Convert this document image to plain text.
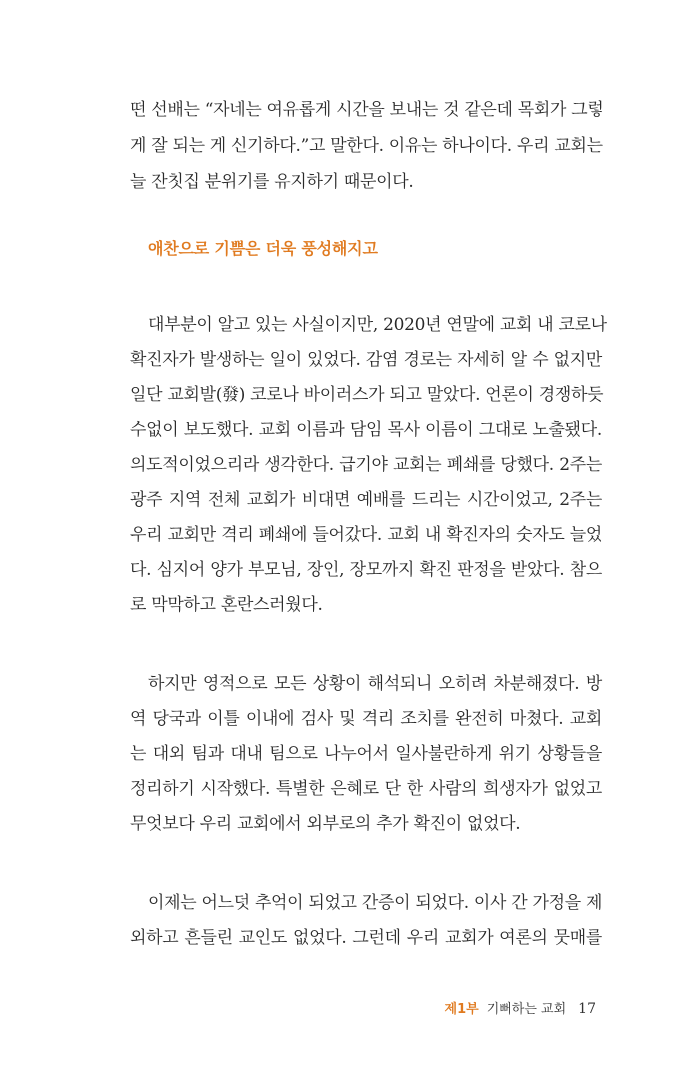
떤 선배는 “자네는 여유롭게 시간을 보내는 것 같은데 목회가 그렇
게 잘 되는 게 신기하다.”고 말한다. 이유는 하나이다. 우리 교회는
늘 잔칫집 분위기를 유지하기 때문이다.
애찬으로 기쁨은 더욱 풍성해지고
대부분이 알고 있는 사실이지만, 2020년 연말에 교회 내 코로나
확진자가 발생하는 일이 있었다. 감염 경로는 자세히 알 수 없지만
일단 교회발(發) 코로나 바이러스가 되고 말았다. 언론이 경쟁하듯
수없이 보도했다. 교회 이름과 담임 목사 이름이 그대로 노출됐다.
의도적이었으리라 생각한다. 급기야 교회는 폐쇄를 당했다. 2주는
광주 지역 전체 교회가 비대면 예배를 드리는 시간이었고, 2주는
우리 교회만 격리 폐쇄에 들어갔다. 교회 내 확진자의 숫자도 늘었
다. 심지어 양가 부모님, 장인, 장모까지 확진 판정을 받았다. 참으
로 막막하고 혼란스러웠다.
하지만 영적으로 모든 상황이 해석되니 오히려 차분해졌다. 방
역 당국과 이틀 이내에 검사 및 격리 조치를 완전히 마쳤다. 교회
는 대외 팀과 대내 팀으로 나누어서 일사불란하게 위기 상황들을
정리하기 시작했다. 특별한 은혜로 단 한 사람의 희생자가 없었고
무엇보다 우리 교회에서 외부로의 추가 확진이 없었다.
이제는 어느덧 추억이 되었고 간증이 되었다. 이사 간 가정을 제
외하고 흔들린 교인도 없었다. 그런데 우리 교회가 여론의 뭇매를
제1부 기뻐하는 교회 17
